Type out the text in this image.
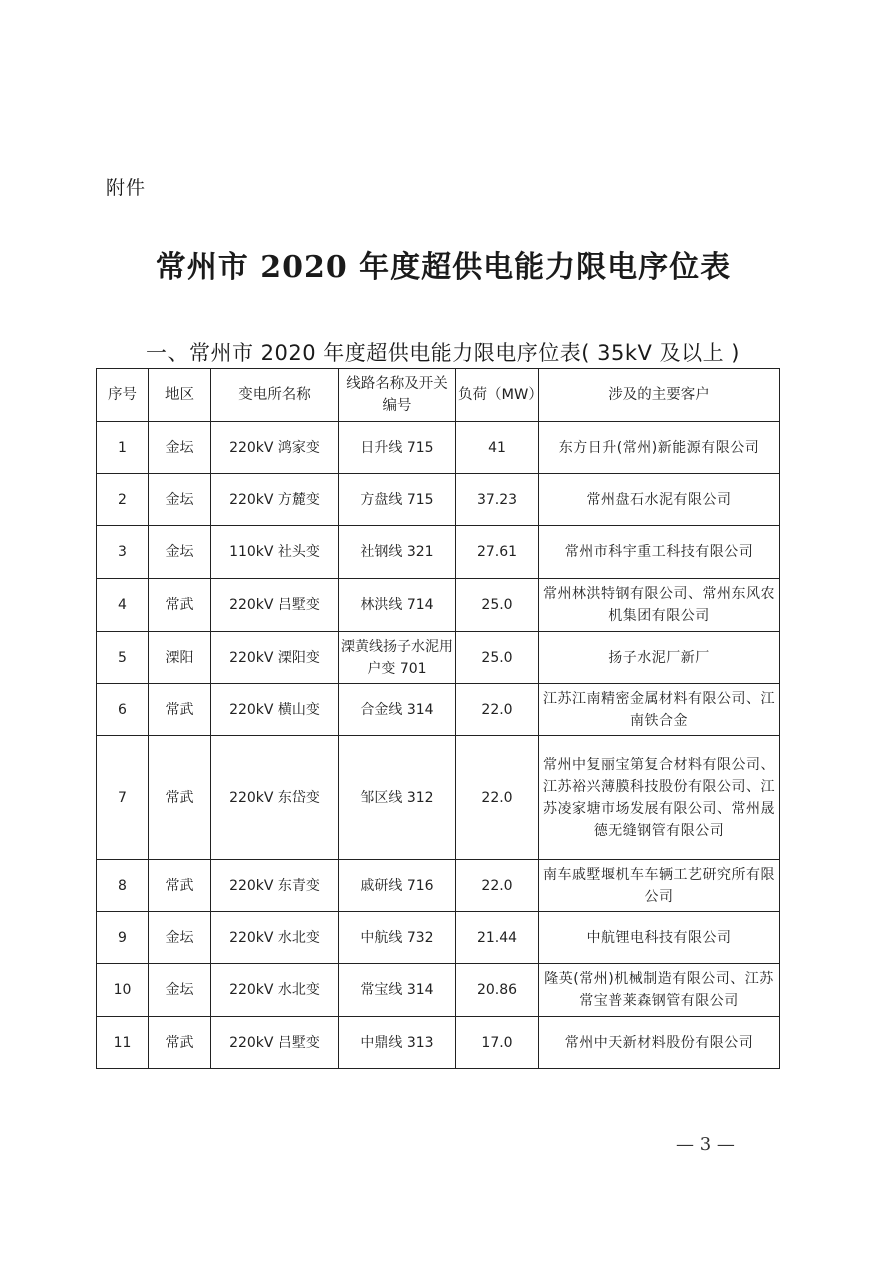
附件
常州市 2020 年度超供电能力限电序位表
一、常州市 2020 年度超供电能力限电序位表( 35kV 及以上 )
序号	地区	变电所名称	线路名称及开关编号	负荷（MW）	涉及的主要客户
1	金坛	220kV 鸿家变	日升线 715	41	东方日升(常州)新能源有限公司
2	金坛	220kV 方麓变	方盘线 715	37.23	常州盘石水泥有限公司
3	金坛	110kV 社头变	社钢线 321	27.61	常州市科宇重工科技有限公司
4	常武	220kV 吕墅变	林洪线 714	25.0	常州林洪特钢有限公司、常州东风农机集团有限公司
5	溧阳	220kV 溧阳变	溧黄线扬子水泥用户变 701	25.0	扬子水泥厂新厂
6	常武	220kV 横山变	合金线 314	22.0	江苏江南精密金属材料有限公司、江南铁合金
7	常武	220kV 东岱变	邹区线 312	22.0	常州中复丽宝第复合材料有限公司、江苏裕兴薄膜科技股份有限公司、江苏凌家塘市场发展有限公司、常州晟德无缝钢管有限公司
8	常武	220kV 东青变	戚研线 716	22.0	南车戚墅堰机车车辆工艺研究所有限公司
9	金坛	220kV 水北变	中航线 732	21.44	中航锂电科技有限公司
10	金坛	220kV 水北变	常宝线 314	20.86	隆英(常州)机械制造有限公司、江苏常宝普莱森钢管有限公司
11	常武	220kV 吕墅变	中鼎线 313	17.0	常州中天新材料股份有限公司
— 3 —
